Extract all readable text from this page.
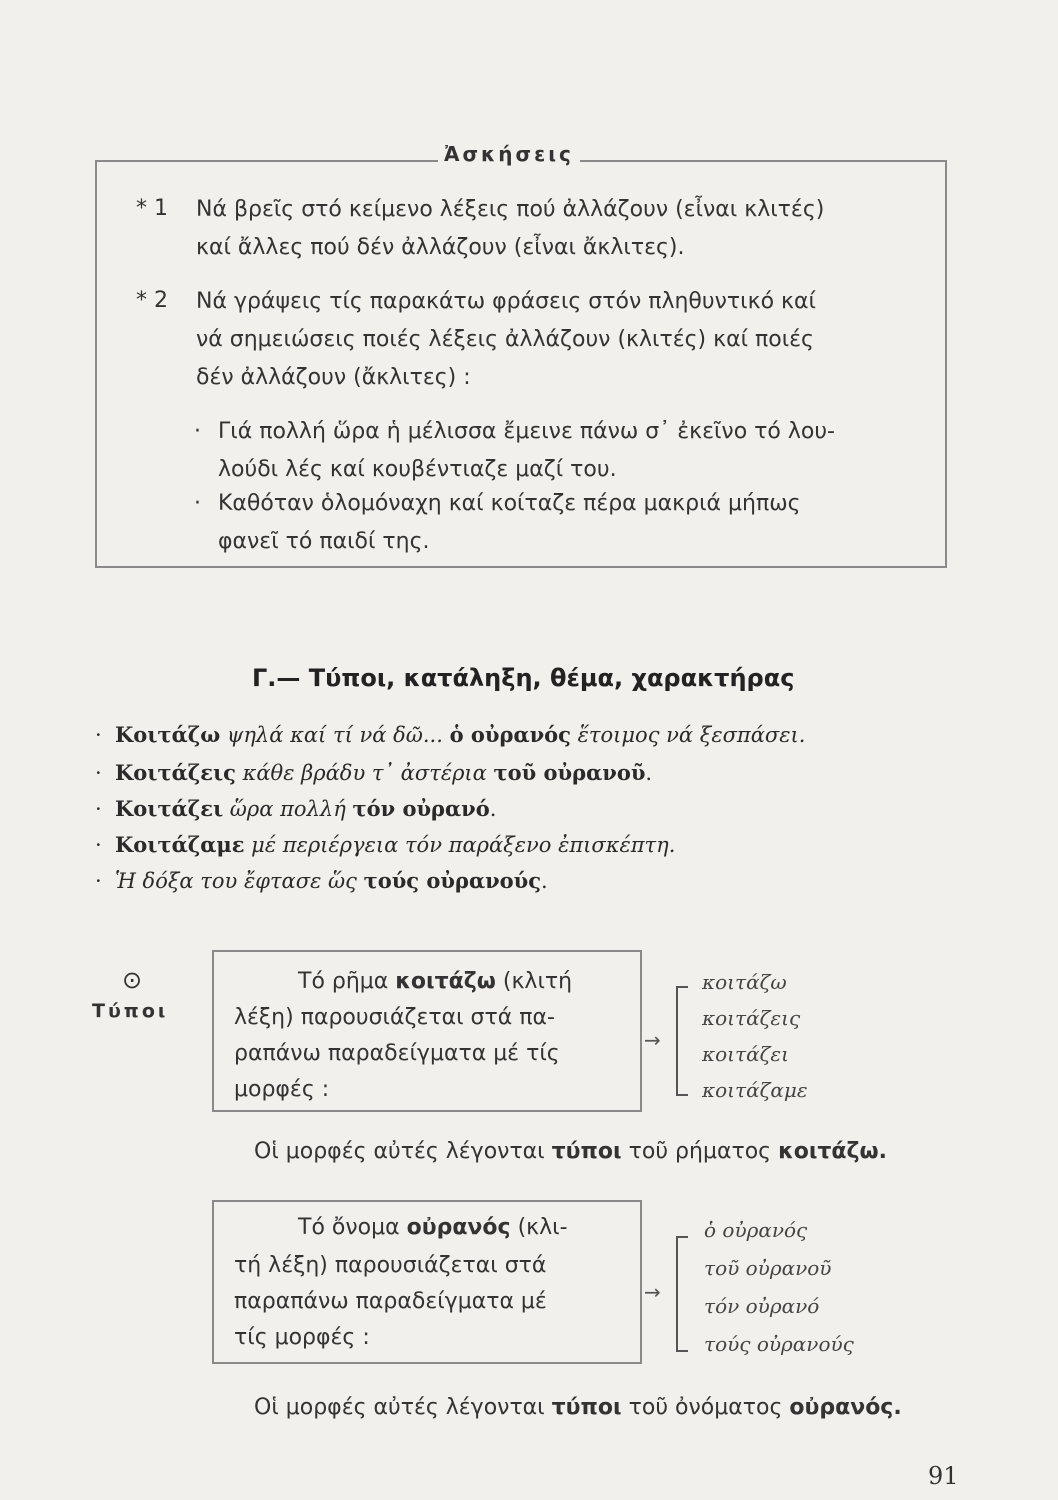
Ἀσκήσεις
* 1 Νά βρεῖς στό κείμενο λέξεις πού ἀλλάζουν (εἶναι κλιτές)
καί ἄλλες πού δέν ἀλλάζουν (εἶναι ἄκλιτες).
* 2 Νά γράψεις τίς παρακάτω φράσεις στόν πληθυντικό καί
νά σημειώσεις ποιές λέξεις ἀλλάζουν (κλιτές) καί ποιές
δέν ἀλλάζουν (ἄκλιτες) :
· Γιά πολλή ὥρα ἡ μέλισσα ἔμεινε πάνω σ᾽ ἐκεῖνο τό λου-
λούδι λές καί κουβέντιαζε μαζί του.
· Καθόταν ὁλομόναχη καί κοίταζε πέρα μακριά μήπως
φανεῖ τό παιδί της.
Γ.— Τύποι, κατάληξη, θέμα, χαρακτήρας
· Κοιτάζω ψηλά καί τί νά δῶ... ὁ οὐρανός ἕτοιμος νά ξεσπάσει.
· Κοιτάζεις κάθε βράδυ τ᾽ ἀστέρια τοῦ οὐρανοῦ.
· Κοιτάζει ὥρα πολλή τόν οὐρανό.
· Κοιτάζαμε μέ περιέργεια τόν παράξενο ἐπισκέπτη.
· Ἡ δόξα του ἔφτασε ὥς τούς οὐρανούς.
⊙
Τύποι
Τό ρῆμα κοιτάζω (κλιτή
λέξη) παρουσιάζεται στά πα-
ραπάνω παραδείγματα μέ τίς
μορφές :
→
κοιτάζω
κοιτάζεις
κοιτάζει
κοιτάζαμε
Οἱ μορφές αὐτές λέγονται τύποι τοῦ ρήματος κοιτάζω.
Τό ὄνομα οὐρανός (κλι-
τή λέξη) παρουσιάζεται στά
παραπάνω παραδείγματα μέ
τίς μορφές :
→
ὁ οὐρανός
τοῦ οὐρανοῦ
τόν οὐρανό
τούς οὐρανούς
Οἱ μορφές αὐτές λέγονται τύποι τοῦ ὀνόματος οὐρανός.
91
